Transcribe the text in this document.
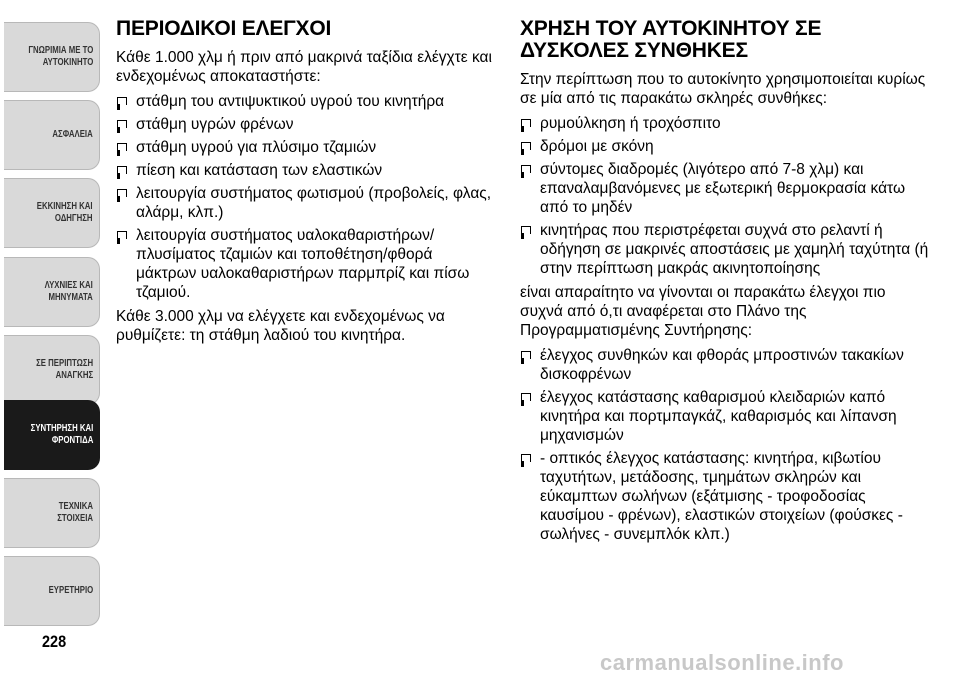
ΓΝΩΡΙΜΙΑ ΜΕ ΤΟ
ΑΥΤΟΚΙΝΗΤΟ
ΑΣΦΑΛΕΙΑ
ΕΚΚΙΝΗΣΗ ΚΑΙ
ΟΔΗΓΗΣΗ
ΛΥΧΝΙΕΣ ΚΑΙ
ΜΗΝΥΜΑΤΑ
ΣΕ ΠΕΡΙΠΤΩΣΗ
ΑΝΑΓΚΗΣ
ΣΥΝΤΗΡΗΣΗ ΚΑΙ
ΦΡΟΝΤΙΔΑ
ΤΕΧΝΙΚΑ ΣΤΟΙΧΕΙΑ
ΕΥΡΕΤΗΡΙΟ
228
ΠΕΡΙΟΔΙΚΟΙ ΕΛΕΓΧΟΙ

Κάθε 1.000 χλμ ή πριν από μακρινά ταξίδια ελέγχτε και ενδεχομένως αποκαταστήστε:

στάθμη του αντιψυκτικού υγρού του κινητήρα
στάθμη υγρών φρένων
στάθμη υγρού για πλύσιμο τζαμιών
πίεση και κατάσταση των ελαστικών
λειτουργία συστήματος φωτισμού (προβολείς, φλας, αλάρμ, κλπ.)
λειτουργία συστήματος υαλοκαθαριστήρων/ πλυσίματος τζαμιών και τοποθέτηση/φθορά μάκτρων υαλοκαθαριστήρων παρμπρίζ και πίσω τζαμιού.

Κάθε 3.000 χλμ να ελέγχετε και ενδεχομένως να ρυθμίζετε: τη στάθμη λαδιού του κινητήρα.

ΧΡΗΣΗ ΤΟΥ ΑΥΤΟΚΙΝΗΤΟΥ ΣΕ ΔΥΣΚΟΛΕΣ ΣΥΝΘΗΚΕΣ

Στην περίπτωση που το αυτοκίνητο χρησιμοποιείται κυρίως σε μία από τις παρακάτω σκληρές συνθήκες:

ρυμούλκηση ή τροχόσπιτο
δρόμοι με σκόνη
σύντομες διαδρομές (λιγότερο από 7-8 χλμ) και επαναλαμβανόμενες με εξωτερική θερμοκρασία κάτω από το μηδέν
κινητήρας που περιστρέφεται συχνά στο ρελαντί ή οδήγηση σε μακρινές αποστάσεις με χαμηλή ταχύτητα (ή στην περίπτωση μακράς ακινητοποίησης

είναι απαραίτητο να γίνονται οι παρακάτω έλεγχοι πιο συχνά από ό,τι αναφέρεται στο Πλάνο της Προγραμματισμένης Συντήρησης:

έλεγχος συνθηκών και φθοράς μπροστινών τακακίων δισκοφρένων
έλεγχος κατάστασης καθαρισμού κλειδαριών καπό κινητήρα και πορτμπαγκάζ, καθαρισμός και λίπανση μηχανισμών
- οπτικός έλεγχος κατάστασης: κινητήρα, κιβωτίου ταχυτήτων, μετάδοσης, τμημάτων σκληρών και εύκαμπτων σωλήνων (εξάτμισης - τροφοδοσίας καυσίμου - φρένων), ελαστικών στοιχείων (φούσκες - σωλήνες - συνεμπλόκ κλπ.)
carmanualsonline.info
